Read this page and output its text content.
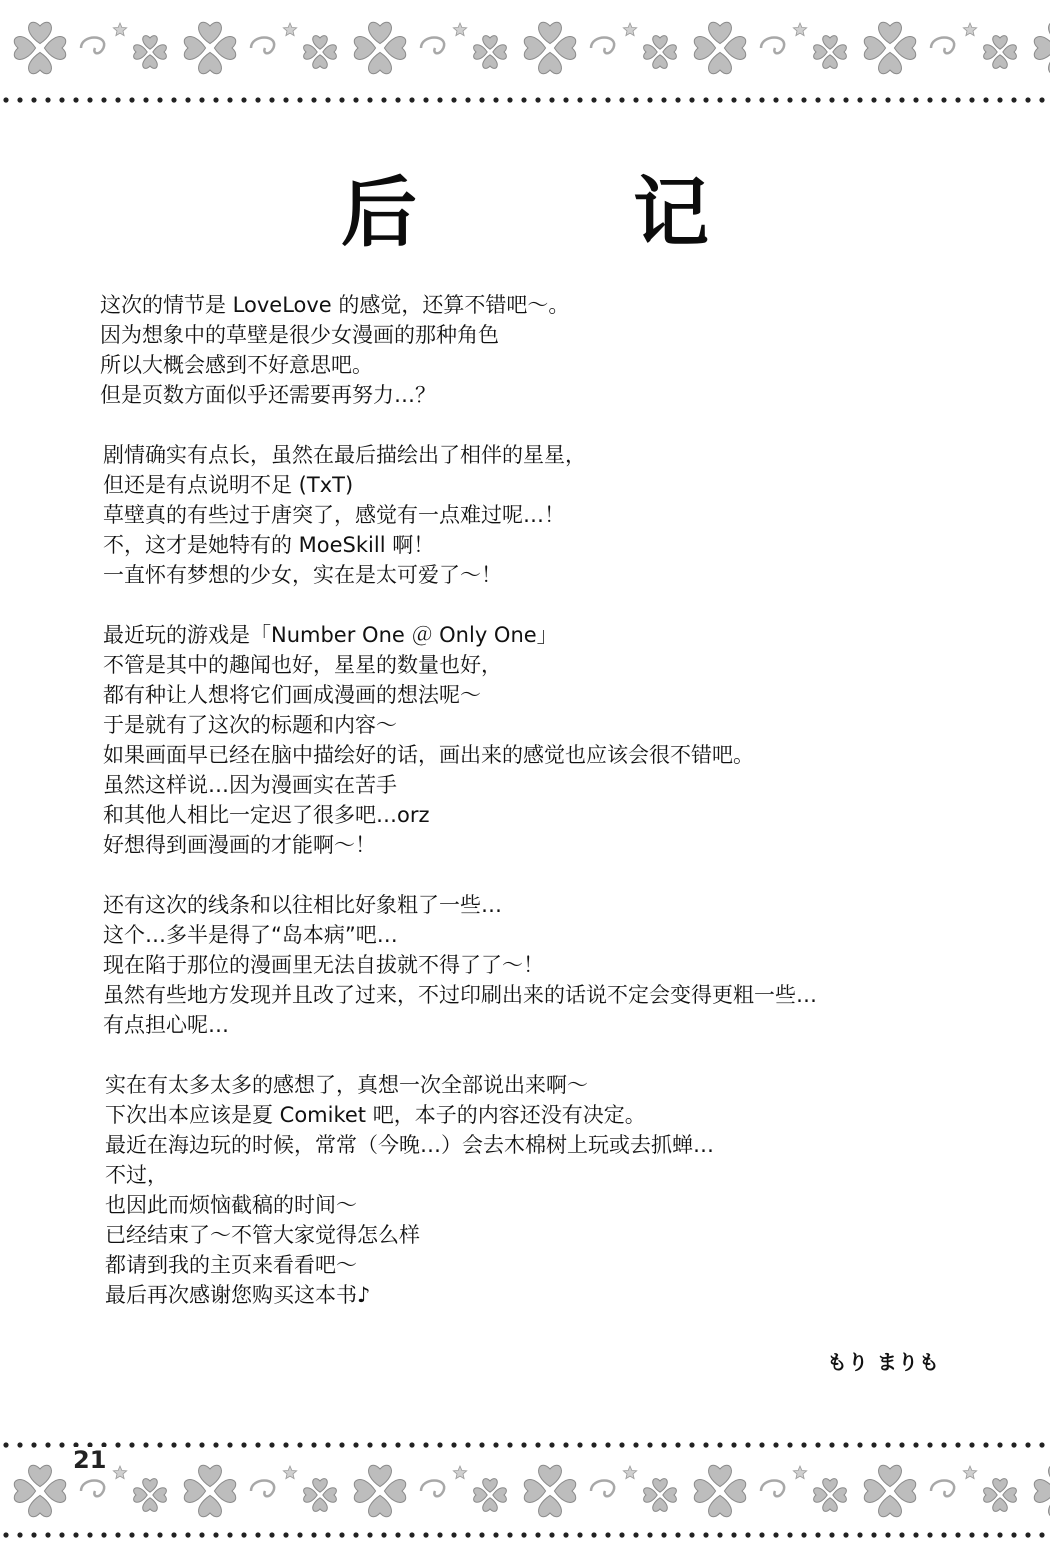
后　记
这次的情节是 LoveLove 的感觉，还算不错吧～。
因为想象中的草壁是很少女漫画的那种角色
所以大概会感到不好意思吧。
但是页数方面似乎还需要再努力…？
剧情确实有点长，虽然在最后描绘出了相伴的星星，
但还是有点说明不足 (TxT)
草壁真的有些过于唐突了，感觉有一点难过呢…！
不，这才是她特有的 MoeSkill 啊！
一直怀有梦想的少女，实在是太可爱了～！
最近玩的游戏是「Number One ＠ Only One」
不管是其中的趣闻也好，星星的数量也好，
都有种让人想将它们画成漫画的想法呢～
于是就有了这次的标题和内容～
如果画面早已经在脑中描绘好的话，画出来的感觉也应该会很不错吧。
虽然这样说…因为漫画实在苦手
和其他人相比一定迟了很多吧…orz
好想得到画漫画的才能啊～！
还有这次的线条和以往相比好象粗了一些…
这个…多半是得了“岛本病”吧…
现在陷于那位的漫画里无法自拔就不得了了～！
虽然有些地方发现并且改了过来，不过印刷出来的话说不定会变得更粗一些…
有点担心呢…
实在有太多太多的感想了，真想一次全部说出来啊～
下次出本应该是夏 Comiket 吧，本子的内容还没有决定。
最近在海边玩的时候，常常（今晚…）会去木棉树上玩或去抓蝉…
不过，
也因此而烦恼截稿的时间～
已经结束了～不管大家觉得怎么样
都请到我的主页来看看吧～
最后再次感谢您购买这本书♪
もり まりも
21
